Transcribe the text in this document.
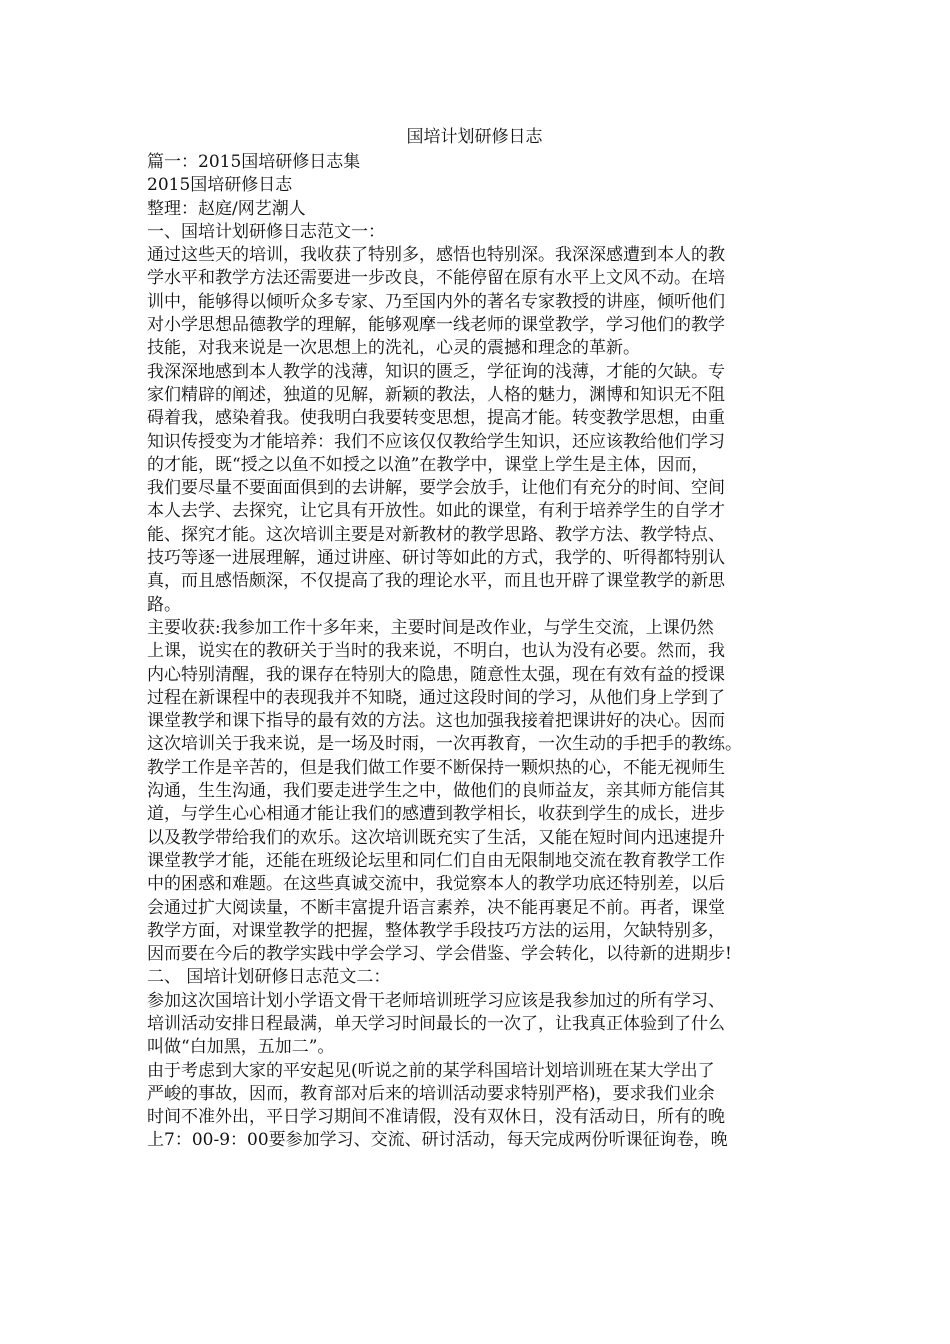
国培计划研修日志
篇一：2015国培研修日志集
2015国培研修日志
整理：赵庭/网艺潮人
一、国培计划研修日志范文一：
通过这些天的培训，我收获了特别多，感悟也特别深。我深深感遭到本人的教
学水平和教学方法还需要进一步改良，不能停留在原有水平上文风不动。在培
训中，能够得以倾听众多专家、乃至国内外的著名专家教授的讲座，倾听他们
对小学思想品德教学的理解，能够观摩一线老师的课堂教学，学习他们的教学
技能，对我来说是一次思想上的洗礼，心灵的震撼和理念的革新。
我深深地感到本人教学的浅薄，知识的匮乏，学征询的浅薄，才能的欠缺。专
家们精辟的阐述，独道的见解，新颖的教法，人格的魅力，渊博和知识无不阻
碍着我，感染着我。使我明白我要转变思想，提高才能。转变教学思想，由重
知识传授变为才能培养：我们不应该仅仅教给学生知识，还应该教给他们学习
的才能，既“授之以鱼不如授之以渔”在教学中，课堂上学生是主体，因而，
我们要尽量不要面面俱到的去讲解，要学会放手，让他们有充分的时间、空间
本人去学、去探究，让它具有开放性。如此的课堂，有利于培养学生的自学才
能、探究才能。这次培训主要是对新教材的教学思路、教学方法、教学特点、
技巧等逐一进展理解，通过讲座、研讨等如此的方式，我学的、听得都特别认
真，而且感悟颇深，不仅提高了我的理论水平，而且也开辟了课堂教学的新思
路。
主要收获:我参加工作十多年来，主要时间是改作业，与学生交流，上课仍然
上课，说实在的教研关于当时的我来说，不明白，也认为没有必要。然而，我
内心特别清醒，我的课存在特别大的隐患，随意性太强，现在有效有益的授课
过程在新课程中的表现我并不知晓，通过这段时间的学习，从他们身上学到了
课堂教学和课下指导的最有效的方法。这也加强我接着把课讲好的决心。因而
这次培训关于我来说，是一场及时雨，一次再教育，一次生动的手把手的教练。
教学工作是辛苦的，但是我们做工作要不断保持一颗炽热的心，不能无视师生
沟通，生生沟通，我们要走进学生之中，做他们的良师益友，亲其师方能信其
道，与学生心心相通才能让我们的感遭到教学相长，收获到学生的成长，进步
以及教学带给我们的欢乐。这次培训既充实了生活，又能在短时间内迅速提升
课堂教学才能，还能在班级论坛里和同仁们自由无限制地交流在教育教学工作
中的困惑和难题。在这些真诚交流中，我觉察本人的教学功底还特别差，以后
会通过扩大阅读量，不断丰富提升语言素养，决不能再裹足不前。再者，课堂
教学方面，对课堂教学的把握，整体教学手段技巧方法的运用，欠缺特别多，
因而要在今后的教学实践中学会学习、学会借鉴、学会转化，以待新的进期步!
二、 国培计划研修日志范文二：
参加这次国培计划小学语文骨干老师培训班学习应该是我参加过的所有学习、
培训活动安排日程最满，单天学习时间最长的一次了，让我真正体验到了什么
叫做“白加黑，五加二”。
由于考虑到大家的平安起见(听说之前的某学科国培计划培训班在某大学出了
严峻的事故，因而，教育部对后来的培训活动要求特别严格)，要求我们业余
时间不准外出，平日学习期间不准请假，没有双休日，没有活动日，所有的晚
上7：00-9：00要参加学习、交流、研讨活动，每天完成两份听课征询卷，晚
